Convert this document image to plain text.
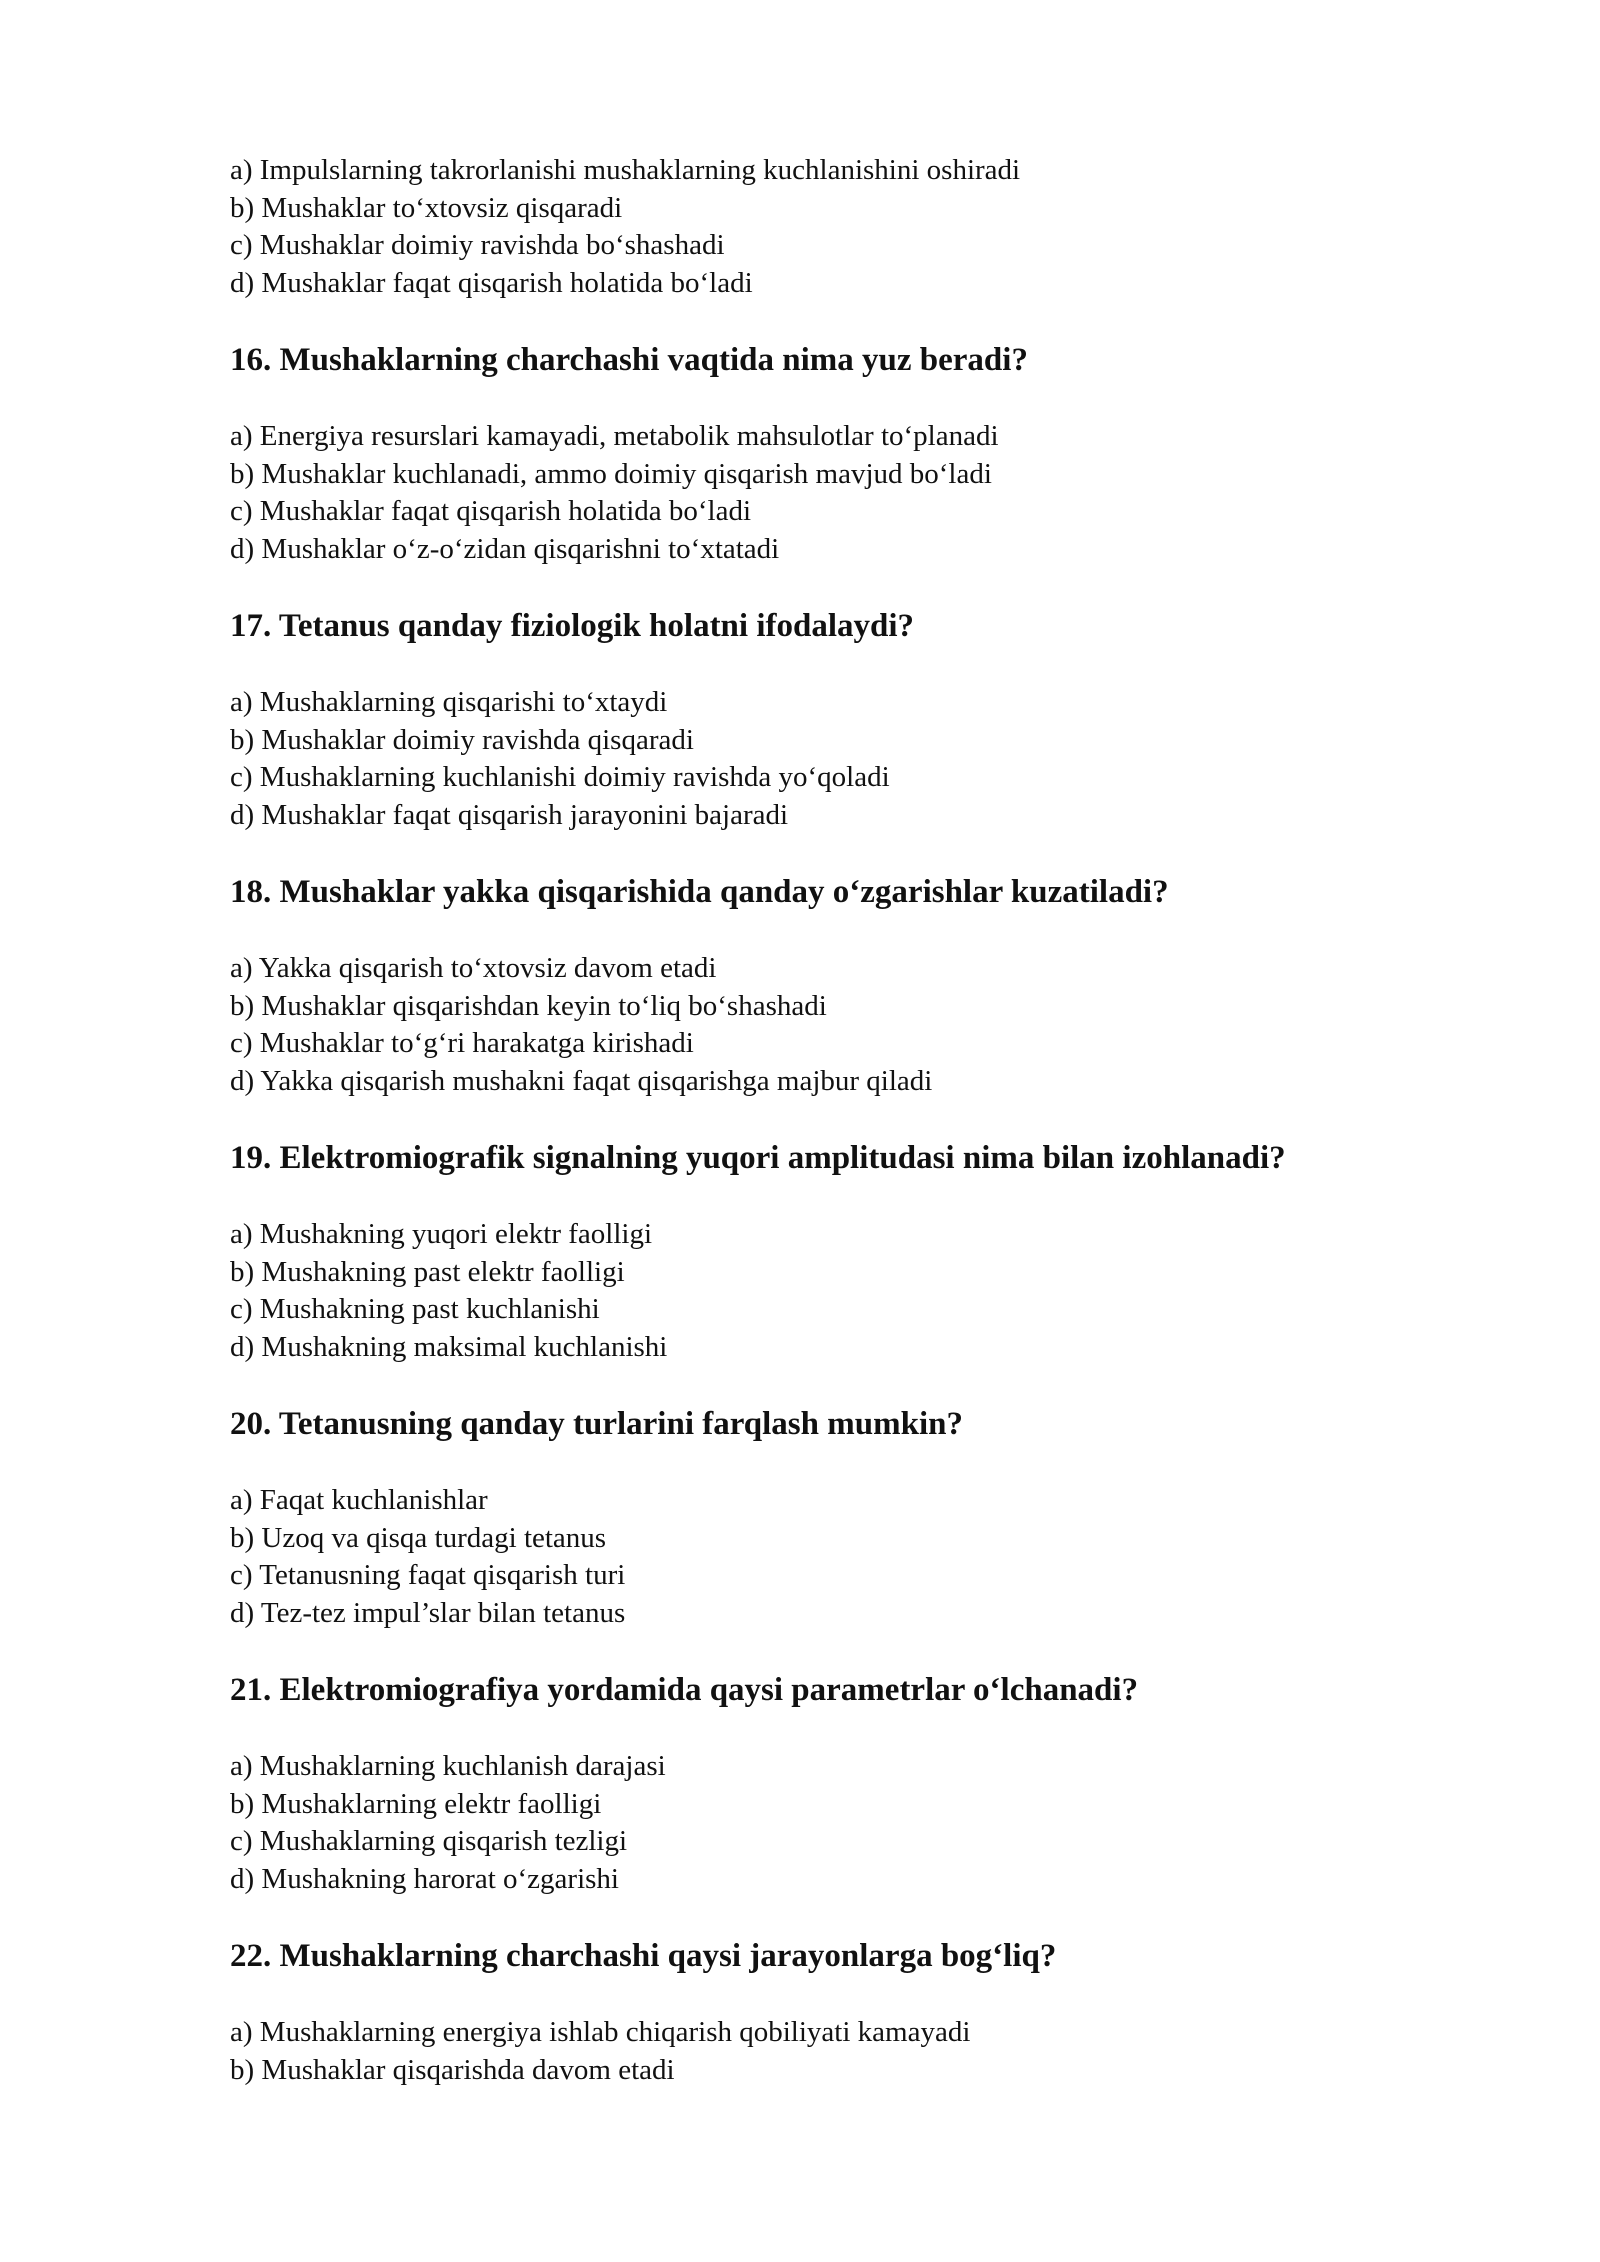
a) Impulslarning takrorlanishi mushaklarning kuchlanishini oshiradi
b) Mushaklar to‘xtovsiz qisqaradi
c) Mushaklar doimiy ravishda bo‘shashadi
d) Mushaklar faqat qisqarish holatida bo‘ladi
16. Mushaklarning charchashi vaqtida nima yuz beradi?
a) Energiya resurslari kamayadi, metabolik mahsulotlar to‘planadi
b) Mushaklar kuchlanadi, ammo doimiy qisqarish mavjud bo‘ladi
c) Mushaklar faqat qisqarish holatida bo‘ladi
d) Mushaklar o‘z-o‘zidan qisqarishni to‘xtatadi
17. Tetanus qanday fiziologik holatni ifodalaydi?
a) Mushaklarning qisqarishi to‘xtaydi
b) Mushaklar doimiy ravishda qisqaradi
c) Mushaklarning kuchlanishi doimiy ravishda yo‘qoladi
d) Mushaklar faqat qisqarish jarayonini bajaradi
18. Mushaklar yakka qisqarishida qanday o‘zgarishlar kuzatiladi?
a) Yakka qisqarish to‘xtovsiz davom etadi
b) Mushaklar qisqarishdan keyin to‘liq bo‘shashadi
c) Mushaklar to‘g‘ri harakatga kirishadi
d) Yakka qisqarish mushakni faqat qisqarishga majbur qiladi
19. Elektromiografik signalning yuqori amplitudasi nima bilan izohlanadi?
a) Mushakning yuqori elektr faolligi
b) Mushakning past elektr faolligi
c) Mushakning past kuchlanishi
d) Mushakning maksimal kuchlanishi
20. Tetanusning qanday turlarini farqlash mumkin?
a) Faqat kuchlanishlar
b) Uzoq va qisqa turdagi tetanus
c) Tetanusning faqat qisqarish turi
d) Tez-tez impul’slar bilan tetanus
21. Elektromiografiya yordamida qaysi parametrlar o‘lchanadi?
a) Mushaklarning kuchlanish darajasi
b) Mushaklarning elektr faolligi
c) Mushaklarning qisqarish tezligi
d) Mushakning harorat o‘zgarishi
22. Mushaklarning charchashi qaysi jarayonlarga bog‘liq?
a) Mushaklarning energiya ishlab chiqarish qobiliyati kamayadi
b) Mushaklar qisqarishda davom etadi
